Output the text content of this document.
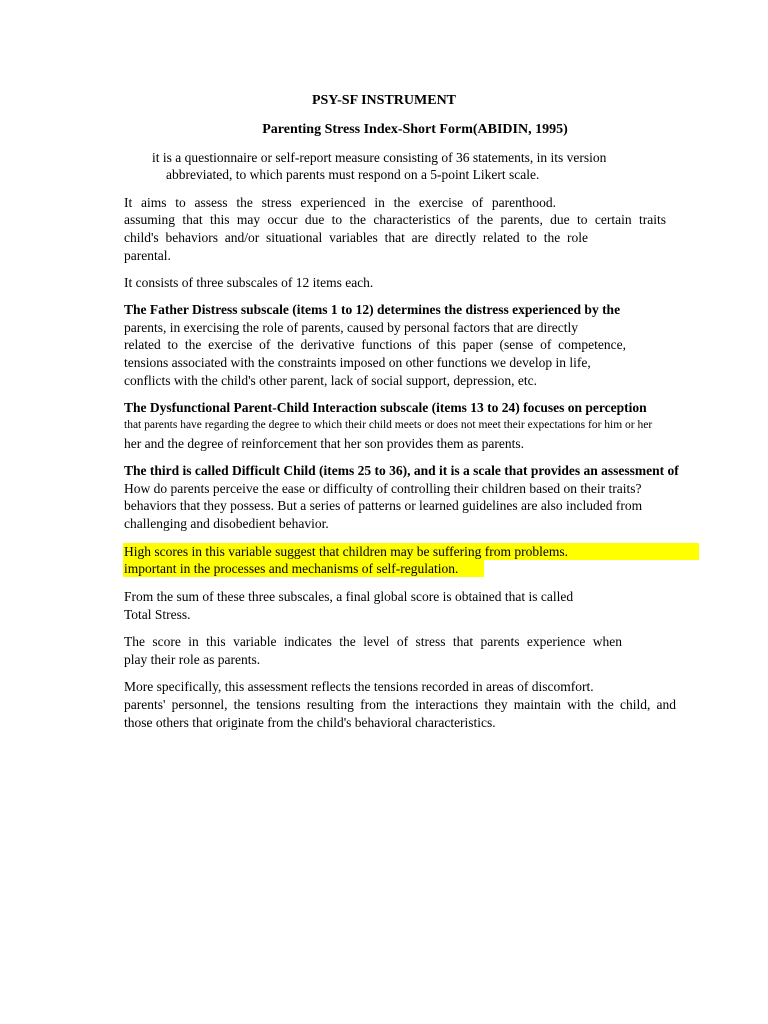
PSY-SF INSTRUMENT
Parenting Stress Index-Short Form(ABIDIN, 1995)
it is a questionnaire or self-report measure consisting of 36 statements, in its version
abbreviated, to which parents must respond on a 5-point Likert scale.
It aims to assess the stress experienced in the exercise of parenthood.
assuming that this may occur due to the characteristics of the parents, due to certain traits
child's behaviors and/or situational variables that are directly related to the role
parental.
It consists of three subscales of 12 items each.
The Father Distress subscale (items 1 to 12) determines the distress experienced by the
parents, in exercising the role of parents, caused by personal factors that are directly
related to the exercise of the derivative functions of this paper (sense of competence,
tensions associated with the constraints imposed on other functions we develop in life,
conflicts with the child's other parent, lack of social support, depression, etc.
The Dysfunctional Parent-Child Interaction subscale (items 13 to 24) focuses on perception
that parents have regarding the degree to which their child meets or does not meet their expectations for him or her
her and the degree of reinforcement that her son provides them as parents.
The third is called Difficult Child (items 25 to 36), and it is a scale that provides an assessment of
How do parents perceive the ease or difficulty of controlling their children based on their traits?
behaviors that they possess. But a series of patterns or learned guidelines are also included from
challenging and disobedient behavior.
High scores in this variable suggest that children may be suffering from problems.
important in the processes and mechanisms of self-regulation.
From the sum of these three subscales, a final global score is obtained that is called
Total Stress.
The score in this variable indicates the level of stress that parents experience when
play their role as parents.
More specifically, this assessment reflects the tensions recorded in areas of discomfort.
parents' personnel, the tensions resulting from the interactions they maintain with the child, and
those others that originate from the child's behavioral characteristics.
